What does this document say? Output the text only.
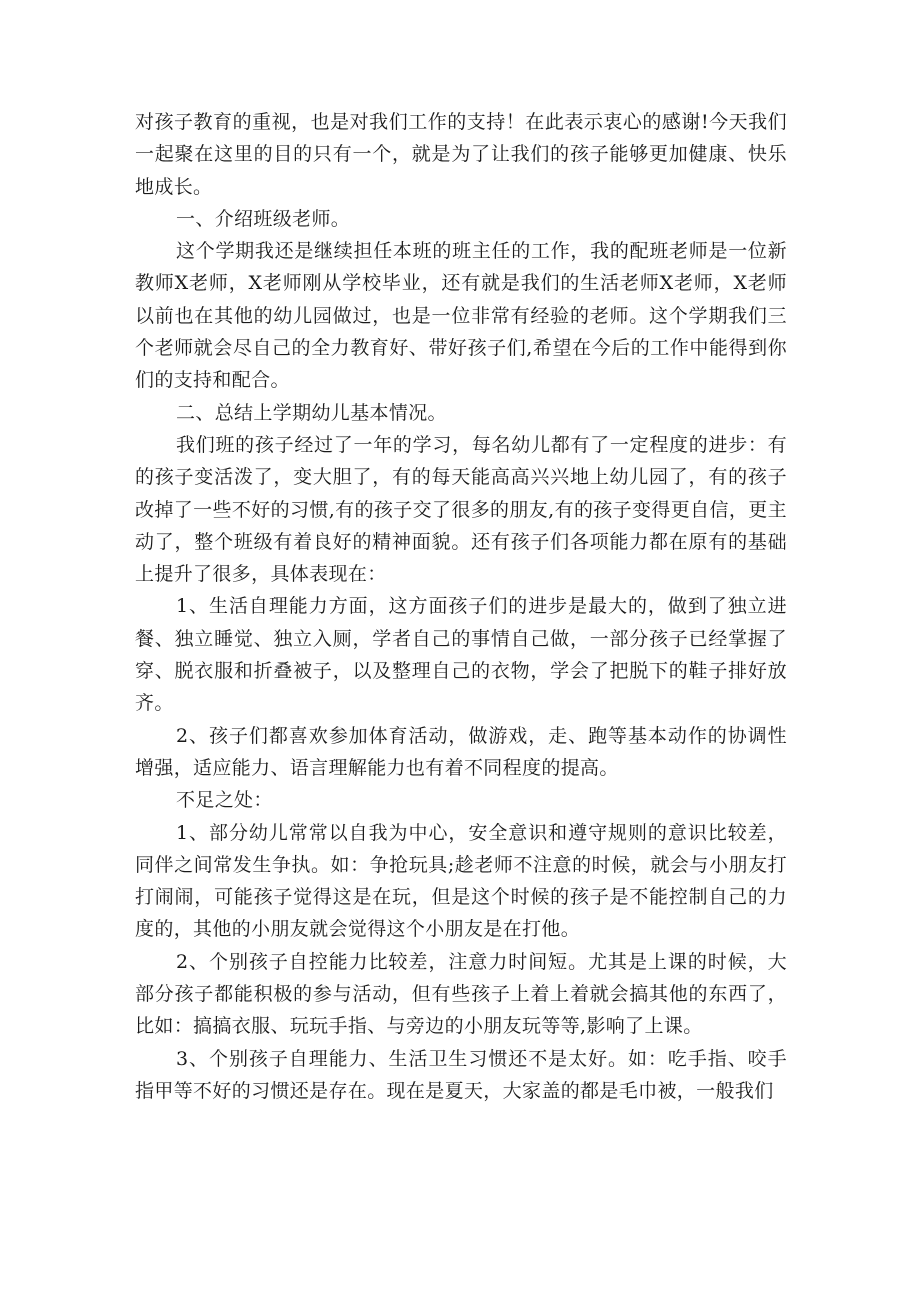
对孩子教育的重视，也是对我们工作的支持！在此表示衷心的感谢!今天我们一起聚在这里的目的只有一个，就是为了让我们的孩子能够更加健康、快乐地成长。

一、介绍班级老师。

这个学期我还是继续担任本班的班主任的工作，我的配班老师是一位新教师X老师，X老师刚从学校毕业，还有就是我们的生活老师X老师，X老师以前也在其他的幼儿园做过，也是一位非常有经验的老师。这个学期我们三个老师就会尽自己的全力教育好、带好孩子们,希望在今后的工作中能得到你们的支持和配合。

二、总结上学期幼儿基本情况。

我们班的孩子经过了一年的学习，每名幼儿都有了一定程度的进步：有的孩子变活泼了，变大胆了，有的每天能高高兴兴地上幼儿园了，有的孩子改掉了一些不好的习惯,有的孩子交了很多的朋友,有的孩子变得更自信，更主动了，整个班级有着良好的精神面貌。还有孩子们各项能力都在原有的基础上提升了很多，具体表现在：

1、生活自理能力方面，这方面孩子们的进步是最大的，做到了独立进餐、独立睡觉、独立入厕，学者自己的事情自己做，一部分孩子已经掌握了穿、脱衣服和折叠被子，以及整理自己的衣物，学会了把脱下的鞋子排好放齐。

2、孩子们都喜欢参加体育活动，做游戏，走、跑等基本动作的协调性增强，适应能力、语言理解能力也有着不同程度的提高。

不足之处：

1、部分幼儿常常以自我为中心，安全意识和遵守规则的意识比较差，同伴之间常发生争执。如：争抢玩具;趁老师不注意的时候，就会与小朋友打打闹闹，可能孩子觉得这是在玩，但是这个时候的孩子是不能控制自己的力度的，其他的小朋友就会觉得这个小朋友是在打他。

2、个别孩子自控能力比较差，注意力时间短。尤其是上课的时候，大部分孩子都能积极的参与活动，但有些孩子上着上着就会搞其他的东西了，比如：搞搞衣服、玩玩手指、与旁边的小朋友玩等等,影响了上课。

3、个别孩子自理能力、生活卫生习惯还不是太好。如：吃手指、咬手指甲等不好的习惯还是存在。现在是夏天，大家盖的都是毛巾被，一般我们
